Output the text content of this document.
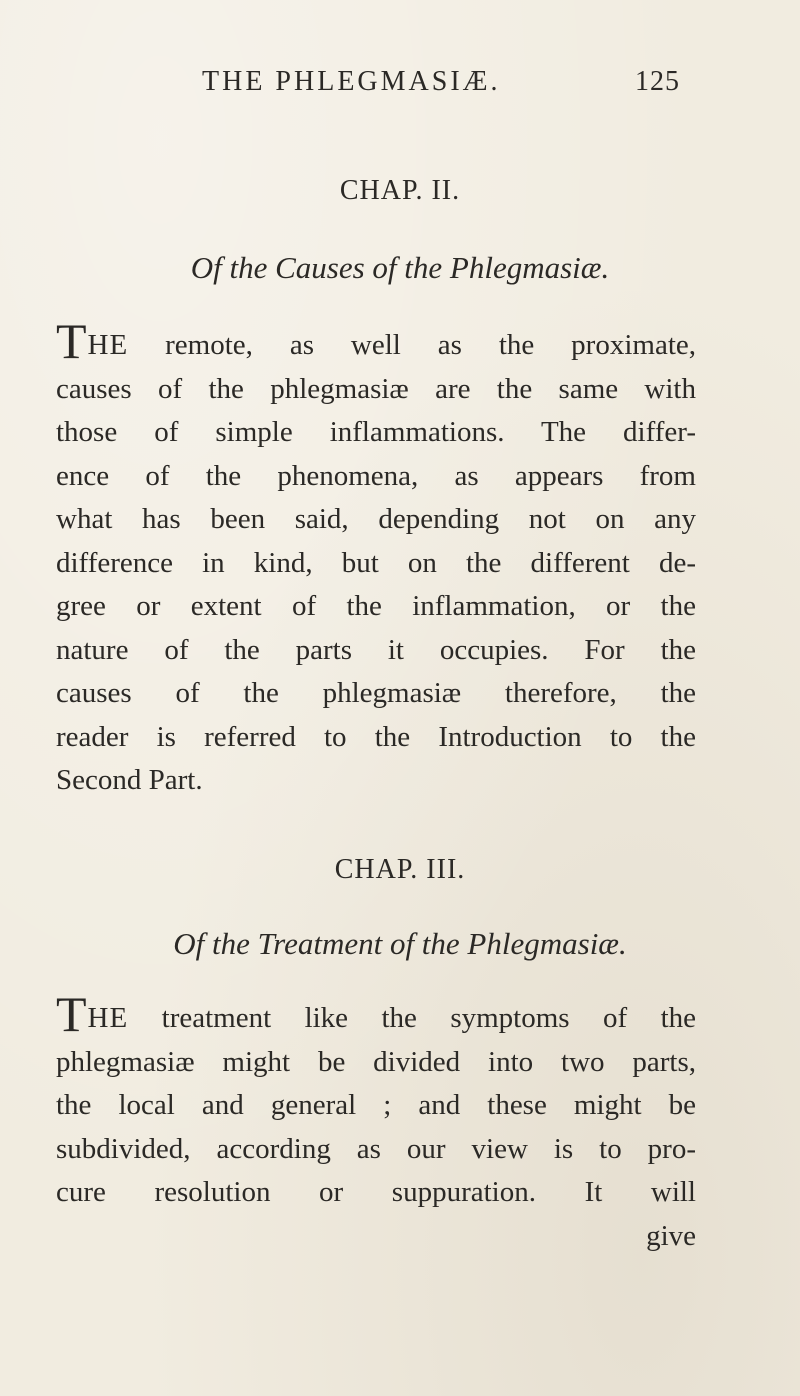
THE PHLEGMASIÆ.	125
CHAP. II.
Of the Causes of the Phlegmasiæ.
THE remote, as well as the proximate,
causes of the phlegmasiæ are the same with
those of simple inflammations. The differ-
ence of the phenomena, as appears from
what has been said, depending not on any
difference in kind, but on the different de-
gree or extent of the inflammation, or the
nature of the parts it occupies. For the
causes of the phlegmasiæ therefore, the
reader is referred to the Introduction to the
Second Part.
CHAP. III.
Of the Treatment of the Phlegmasiæ.
THE treatment like the symptoms of the
phlegmasiæ might be divided into two parts,
the local and general ; and these might be
subdivided, according as our view is to pro-
cure resolution or suppuration. It will
give
